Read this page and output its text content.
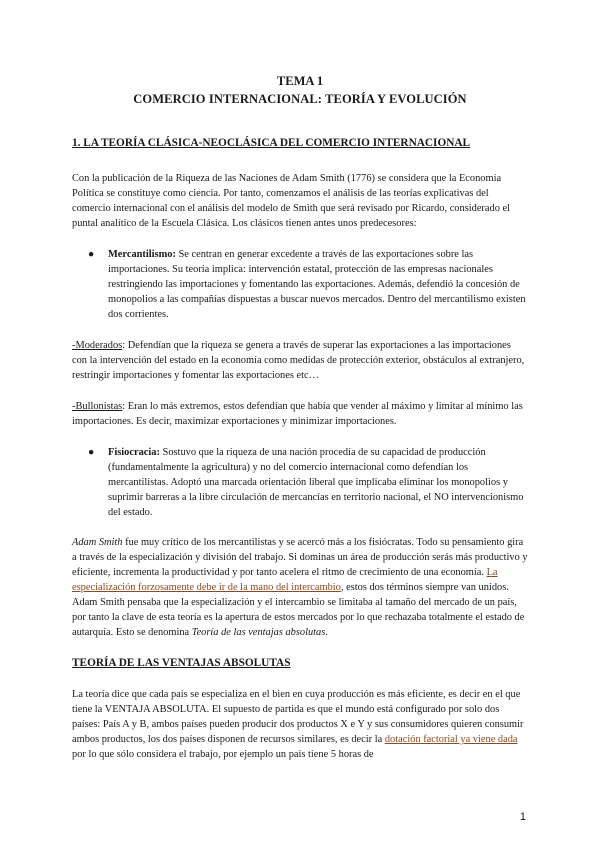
TEMA 1
COMERCIO INTERNACIONAL: TEORÍA Y EVOLUCIÓN
1. LA TEORÍA CLÁSICA-NEOCLÁSICA DEL COMERCIO INTERNACIONAL

Con la publicación de la Riqueza de las Naciones de Adam Smith (1776) se considera que la Economía Política se constituye como ciencia. Por tanto, comenzamos el análisis de las teorías explicativas del comercio internacional con el análisis del modelo de Smith que será revisado por Ricardo, considerado el puntal analítico de la Escuela Clásica. Los clásicos tienen antes unos predecesores:

● Mercantilismo: Se centran en generar excedente a través de las exportaciones sobre las importaciones. Su teoría implica: intervención estatal, protección de las empresas nacionales restringiendo las importaciones y fomentando las exportaciones. Además, defendió la concesión de monopolios a las compañías dispuestas a buscar nuevos mercados. Dentro del mercantilismo existen dos corrientes.

-Moderados: Defendían que la riqueza se genera a través de superar las exportaciones a las importaciones con la intervención del estado en la economía como medidas de protección exterior, obstáculos al extranjero, restringir importaciones y fomentar las exportaciones etc…

-Bullonistas: Eran lo más extremos, estos defendían que había que vender al máximo y limitar al mínimo las importaciones. Es decir, maximizar exportaciones y minimizar importaciones.

● Fisiocracia: Sostuvo que la riqueza de una nación procedía de su capacidad de producción (fundamentalmente la agricultura) y no del comercio internacional como defendían los mercantilistas. Adoptó una marcada orientación liberal que implicaba eliminar los monopolios y suprimir barreras a la libre circulación de mercancías en territorio nacional, el NO intervencionismo del estado.

Adam Smith fue muy crítico de los mercantilistas y se acercó más a los fisiócratas. Todo su pensamiento gira a través de la especialización y división del trabajo. Si dominas un área de producción serás más productivo y eficiente, incrementa la productividad y por tanto acelera el ritmo de crecimiento de una economía. La especialización forzosamente debe ir de la mano del intercambio, estos dos términos siempre van unidos. Adam Smith pensaba que la especialización y el intercambio se limitaba al tamaño del mercado de un país, por tanto la clave de esta teoría es la apertura de estos mercados por lo que rechazaba totalmente el estado de autarquía. Esto se denomina Teoría de las ventajas absolutas.

TEORÍA DE LAS VENTAJAS ABSOLUTAS

La teoría dice que cada país se especializa en el bien en cuya producción es más eficiente, es decir en el que tiene la VENTAJA ABSOLUTA. El supuesto de partida es que el mundo está configurado por solo dos países: País A y B, ambos países pueden producir dos productos X e Y y sus consumidores quieren consumir ambos productos, los dos países disponen de recursos similares, es decir la dotación factorial ya viene dada por lo que sólo considera el trabajo, por ejemplo un país tiene 5 horas de

1
